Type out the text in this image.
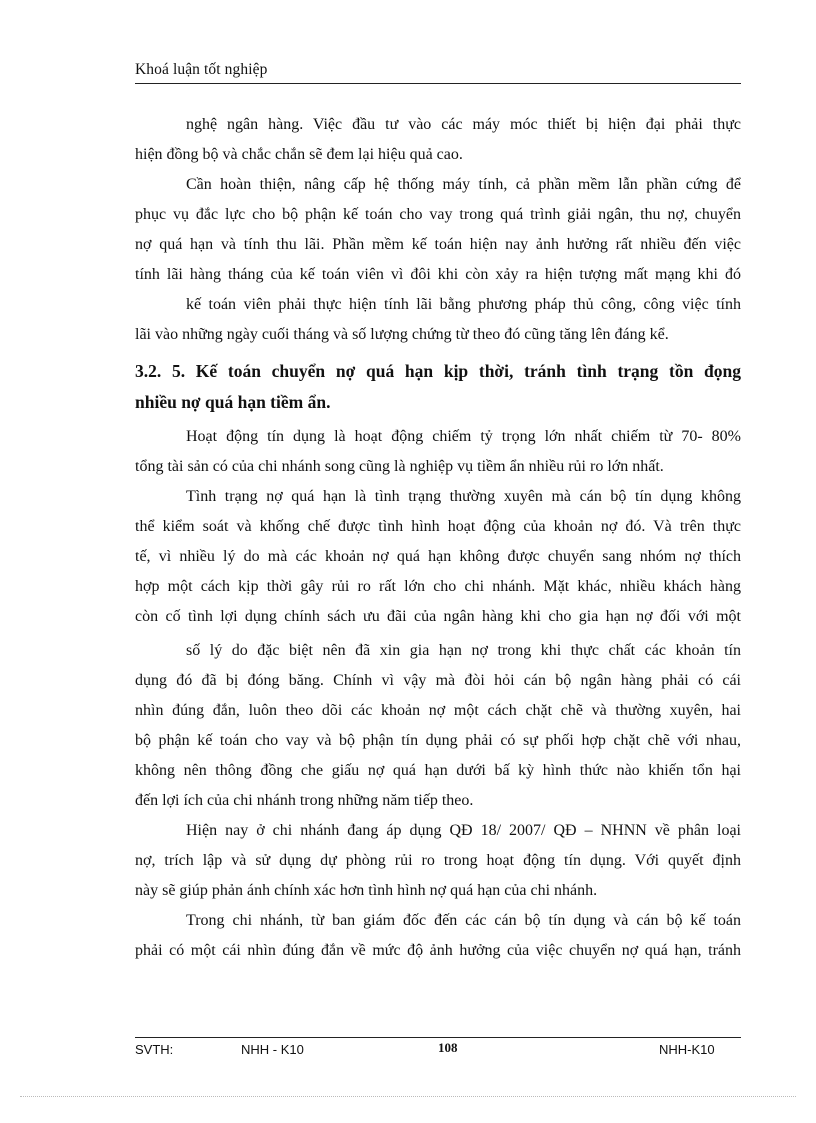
Khoá luận tốt nghiệp

nghệ ngân hàng. Việc đầu tư vào các máy móc thiết bị hiện đại phải thực
hiện đồng bộ và chắc chắn sẽ đem lại hiệu quả cao.

Cần hoàn thiện, nâng cấp hệ thống máy tính, cả phần mềm lẫn phần cứng để
phục vụ đắc lực cho bộ phận kế toán cho vay trong quá trình giải ngân, thu nợ, chuyển
nợ quá hạn và tính thu lãi. Phần mềm kế toán hiện nay ảnh hưởng rất nhiều đến việc
tính lãi hàng tháng của kế toán viên vì đôi khi còn xảy ra hiện tượng mất mạng khi đó

kế toán viên phải thực hiện tính lãi bằng phương pháp thủ công, công việc tính
lãi vào những ngày cuối tháng và số lượng chứng từ theo đó cũng tăng lên đáng kể.

3.2. 5. Kế toán chuyển nợ quá hạn kịp thời, tránh tình trạng tồn đọng
nhiều nợ quá hạn tiềm ẩn.

Hoạt động tín dụng là hoạt động chiếm tỷ trọng lớn nhất chiếm từ 70- 80%
tổng tài sản có của chi nhánh song cũng là nghiệp vụ tiềm ẩn nhiều rủi ro lớn nhất.

Tình trạng nợ quá hạn là tình trạng thường xuyên mà cán bộ tín dụng không
thể kiểm soát và khống chế được tình hình hoạt động của khoản nợ đó. Và trên thực
tế, vì nhiều lý do mà các khoản nợ quá hạn không được chuyển sang nhóm nợ thích
hợp một cách kịp thời gây rủi ro rất lớn cho chi nhánh. Mặt khác, nhiều khách hàng
còn cố tình lợi dụng chính sách ưu đãi của ngân hàng khi cho gia hạn nợ đối với một

số lý do đặc biệt nên đã xin gia hạn nợ trong khi thực chất các khoản tín
dụng đó đã bị đóng băng. Chính vì vậy mà đòi hỏi cán bộ ngân hàng phải có cái
nhìn đúng đắn, luôn theo dõi các khoản nợ một cách chặt chẽ và thường xuyên, hai
bộ phận kế toán cho vay và bộ phận tín dụng phải có sự phối hợp chặt chẽ với nhau,
không nên thông đồng che giấu nợ quá hạn dưới bấ kỳ hình thức nào khiến tổn hại
đến lợi ích của chi nhánh trong những năm tiếp theo.

Hiện nay ở chi nhánh đang áp dụng QĐ 18/ 2007/ QĐ – NHNN về phân loại
nợ, trích lập và sử dụng dự phòng rủi ro trong hoạt động tín dụng. Với quyết định
này sẽ giúp phản ánh chính xác hơn tình hình nợ quá hạn của chi nhánh.

Trong chi nhánh, từ ban giám đốc đến các cán bộ tín dụng và cán bộ kế toán
phải có một cái nhìn đúng đắn về mức độ ảnh hưởng của việc chuyển nợ quá hạn, tránh

SVTH:	NHH - K10	108	NHH-K10
